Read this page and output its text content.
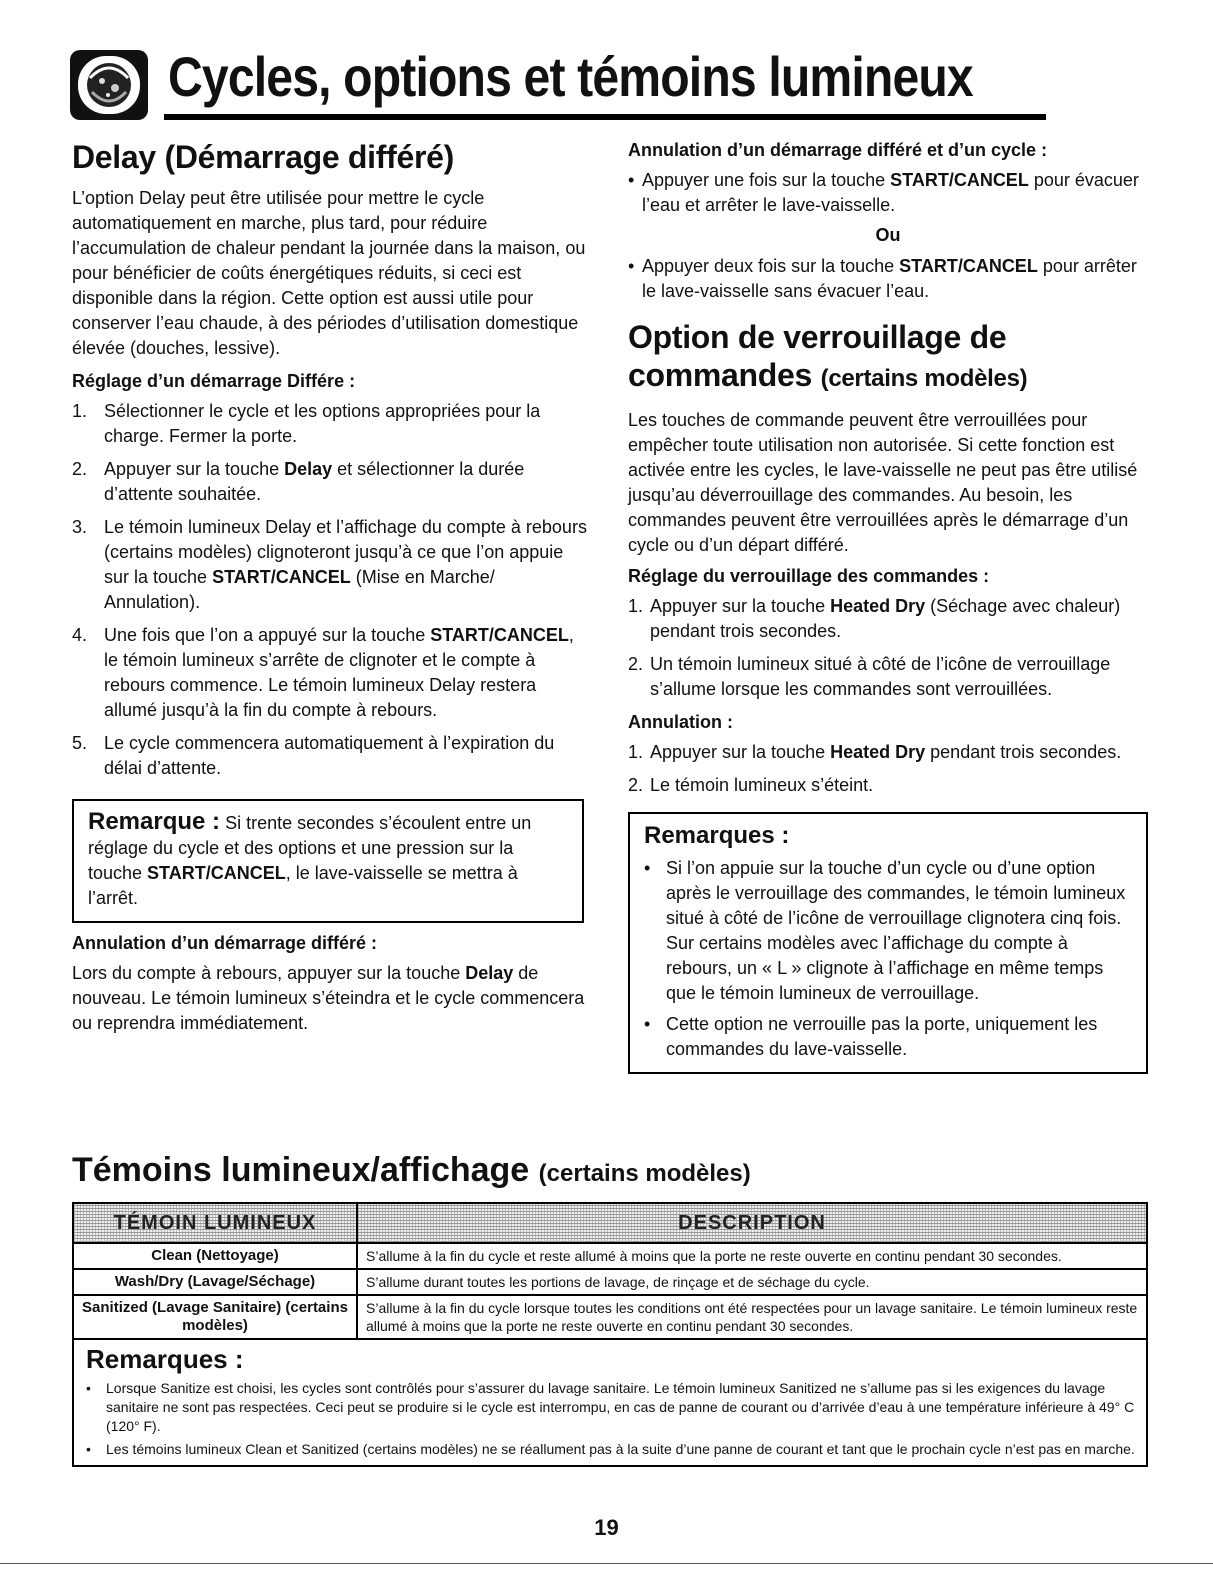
Cycles, options et témoins lumineux
Delay (Démarrage différé)

L’option Delay peut être utilisée pour mettre le cycle automatiquement en marche, plus tard, pour réduire l’accumulation de chaleur pendant la journée dans la maison, ou pour bénéficier de coûts énergétiques réduits, si ceci est disponible dans la région. Cette option est aussi utile pour conserver l’eau chaude, à des périodes d’utilisation domestique élevée (douches, lessive).

Réglage d’un démarrage Différe :
1. Sélectionner le cycle et les options appropriées pour la charge. Fermer la porte.
2. Appuyer sur la touche Delay et sélectionner la durée d’attente souhaitée.
3. Le témoin lumineux Delay et l’affichage du compte à rebours (certains modèles) clignoteront jusqu’à ce que l’on appuie sur la touche START/CANCEL (Mise en Marche/ Annulation).
4. Une fois que l’on a appuyé sur la touche START/CANCEL, le témoin lumineux s’arrête de clignoter et le compte à rebours commence. Le témoin lumineux Delay restera allumé jusqu’à la fin du compte à rebours.
5. Le cycle commencera automatiquement à l’expiration du délai d’attente.

Remarque : Si trente secondes s’écoulent entre un réglage du cycle et des options et une pression sur la touche START/CANCEL, le lave-vaisselle se mettra à l’arrêt.

Annulation d’un démarrage différé :

Lors du compte à rebours, appuyer sur la touche Delay de nouveau. Le témoin lumineux s’éteindra et le cycle commencera ou reprendra immédiatement.

Annulation d’un démarrage différé et d’un cycle :
• Appuyer une fois sur la touche START/CANCEL pour évacuer l’eau et arrêter le lave-vaisselle.
Ou
• Appuyer deux fois sur la touche START/CANCEL pour arrêter le lave-vaisselle sans évacuer l’eau.
Option de verrouillage de commandes (certains modèles)

Les touches de commande peuvent être verrouillées pour empêcher toute utilisation non autorisée. Si cette fonction est activée entre les cycles, le lave-vaisselle ne peut pas être utilisé jusqu’au déverrouillage des commandes. Au besoin, les commandes peuvent être verrouillées après le démarrage d’un cycle ou d’un départ différé.

Réglage du verrouillage des commandes :
1. Appuyer sur la touche Heated Dry (Séchage avec chaleur) pendant trois secondes.
2. Un témoin lumineux situé à côté de l’icône de verrouillage s’allume lorsque les commandes sont verrouillées.
Annulation :
1. Appuyer sur la touche Heated Dry pendant trois secondes.
2. Le témoin lumineux s’éteint.
Remarques :
• Si l’on appuie sur la touche d’un cycle ou d’une option après le verrouillage des commandes, le témoin lumineux situé à côté de l’icône de verrouillage clignotera cinq fois. Sur certains modèles avec l’affichage du compte à rebours, un « L » clignote à l’affichage en même temps que le témoin lumineux de verrouillage.
• Cette option ne verrouille pas la porte, uniquement les commandes du lave-vaisselle.
Témoins lumineux/affichage (certains modèles)
TÉMOIN LUMINEUX	DESCRIPTION
Clean (Nettoyage)	S’allume à la fin du cycle et reste allumé à moins que la porte ne reste ouverte en continu pendant 30 secondes.
Wash/Dry (Lavage/Séchage)	S’allume durant toutes les portions de lavage, de rinçage et de séchage du cycle.
Sanitized (Lavage Sanitaire) (certains modèles)	S’allume à la fin du cycle lorsque toutes les conditions ont été respectées pour un lavage sanitaire. Le témoin lumineux reste allumé à moins que la porte ne reste ouverte en continu pendant 30 secondes.
Remarques :
• Lorsque Sanitize est choisi, les cycles sont contrôlés pour s’assurer du lavage sanitaire. Le témoin lumineux Sanitized ne s’allume pas si les exigences du lavage sanitaire ne sont pas respectées. Ceci peut se produire si le cycle est interrompu, en cas de panne de courant ou d’arrivée d’eau à une température inférieure à 49° C (120° F).
• Les témoins lumineux Clean et Sanitized (certains modèles) ne se réallument pas à la suite d’une panne de courant et tant que le prochain cycle n’est pas en marche.
19
